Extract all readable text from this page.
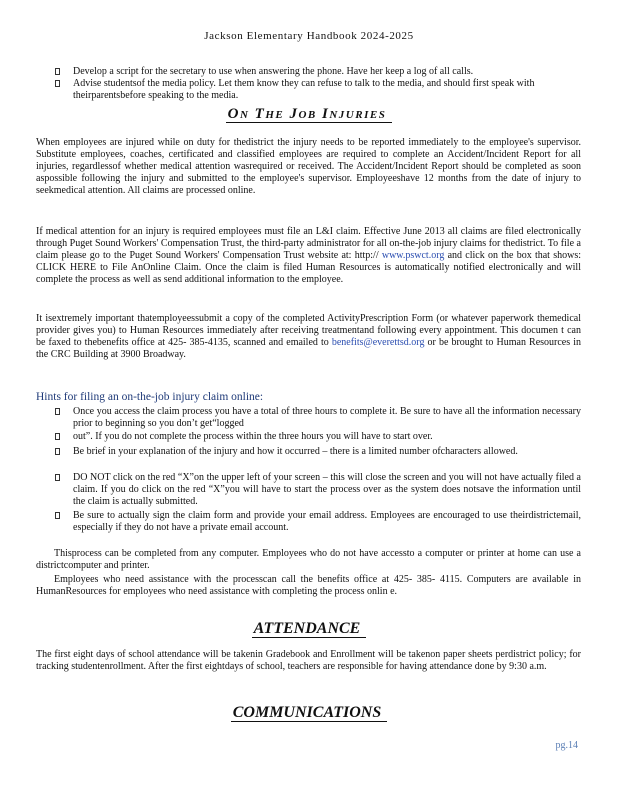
Jackson Elementary Handbook 2024-2025
Develop a script for the secretary to use when answering the phone. Have her keep a log of all calls.
Advise studentsof the media policy. Let them know they can refuse to talk to the media, and should first speak with theirparentsbefore speaking to the media.
On The Job Injuries

When employees are injured while on duty for thedistrict the injury needs to be reported immediately to the employee's supervisor. Substitute employees, coaches, certificated and classified employees are required to complete an Accident/Incident Report for all injuries, regardlessof whether medical attention wasrequired or received. The Accident/Incident Report should be completed as soon aspossible following the injury and submitted to the employee's supervisor. Employeeshave 12 months from the date of injury to seekmedical attention. All claims are processed online.

If medical attention for an injury is required employees must file an L&I claim. Effective June 2013 all claims are filed electronically through Puget Sound Workers' Compensation Trust, the third-party administrator for all on-the-job injury claims for thedistrict. To file a claim please go to the Puget Sound Workers' Compensation Trust website at: http:// www.pswct.org and click on the box that shows: CLICK HERE to File AnOnline Claim. Once the claim is filed Human Resources is automatically notified electronically and will complete the process as well as send additional information to the employee.

It isextremely important thatemployeessubmit a copy of the completed ActivityPrescription Form (or whatever paperwork themedical provider gives you) to Human Resources immediately after receiving treatmentand following every appointment. This documen t can be faxed to thebenefits office at 425- 385-4135, scanned and emailed to benefits@everettsd.org or be brought to Human Resources in the CRC Building at 3900 Broadway.

Hints for filing an on-the-job injury claim online:
Once you access the claim process you have a total of three hours to complete it. Be sure to have all the information necessary prior to beginning so you don’t get“logged
out”. If you do not complete the process within the three hours you will have to start over.
Be brief in your explanation of the injury and how it occurred – there is a limited number ofcharacters allowed.
DO NOT click on the red “X”on the upper left of your screen – this will close the screen and you will not have actually filed a claim. If you do click on the red “X”you will have to start the process over as the system does notsave the information until the claim is actually submitted.
Be sure to actually sign the claim form and provide your email address. Employees are encouraged to use theirdistrictemail, especially if they do not have a private email account.

Thisprocess can be completed from any computer. Employees who do not have accessto a computer or printer at home can use a districtcomputer and printer.

Employees who need assistance with the processcan call the benefits office at 425- 385- 4115. Computers are available in HumanResources for employees who need assistance with completing the process onlin e.

ATTENDANCE

The first eight days of school attendance will be takenin Gradebook and Enrollment will be takenon paper sheets perdistrict policy; for tracking studentenrollment. After the first eightdays of school, teachers are responsible for having attendance done by 9:30 a.m.

COMMUNICATIONS
pg.14
